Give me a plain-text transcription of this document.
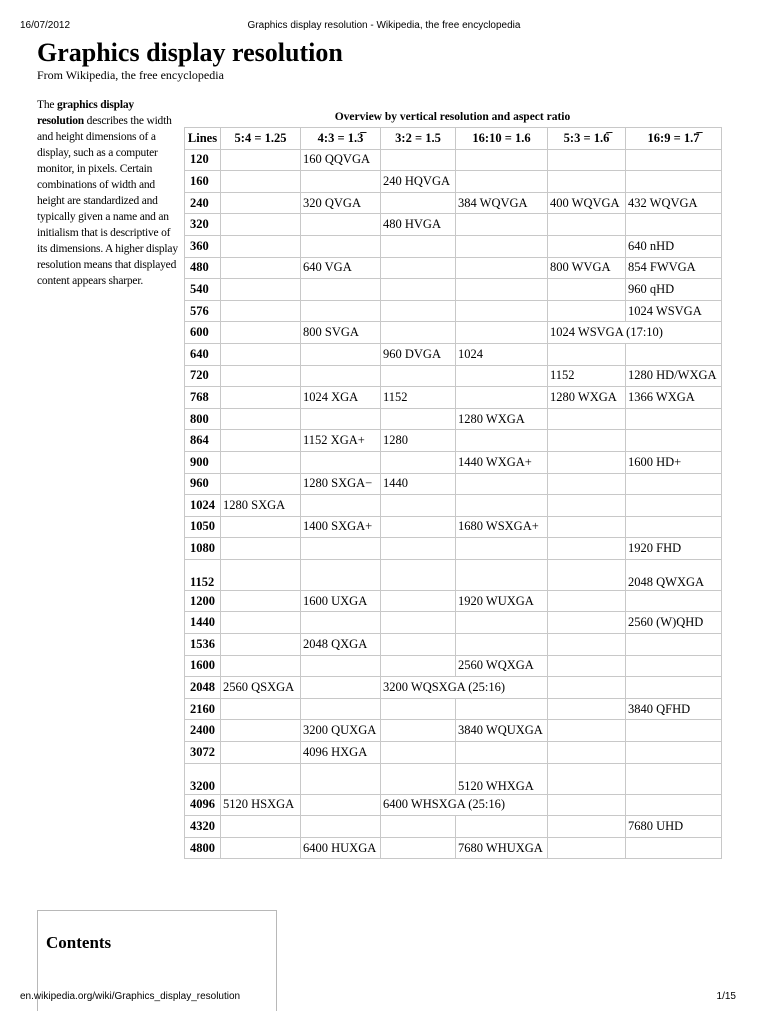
16/07/2012	Graphics display resolution - Wikipedia, the free encyclopedia
Graphics display resolution
From Wikipedia, the free encyclopedia
The graphics display resolution describes the width and height dimensions of a display, such as a computer monitor, in pixels. Certain combinations of width and height are standardized and typically given a name and an initialism that is descriptive of its dimensions. A higher display resolution means that displayed content appears sharper.
Overview by vertical resolution and aspect ratio
Lines	5:4 = 1.25	4:3 = 1.3̅	3:2 = 1.5	16:10 = 1.6	5:3 = 1.6̅	16:9 = 1.7̅
120		160 QQVGA				
160			240 HQVGA			
240		320 QVGA		384 WQVGA	400 WQVGA	432 WQVGA
320			480 HVGA			
360						640 nHD
480		640 VGA			800 WVGA	854 FWVGA
540						960 qHD
576						1024 WSVGA
600		800 SVGA			1024 WSVGA (17:10)	
640			960 DVGA	1024		
720					1152	1280 HD/WXGA
768		1024 XGA	1152		1280 WXGA	1366 WXGA
800				1280 WXGA		
864		1152 XGA+	1280			
900				1440 WXGA+		1600 HD+
960		1280 SXGA−	1440			
1024	1280 SXGA					
1050		1400 SXGA+		1680 WSXGA+		
1080						1920 FHD
1152						2048 QWXGA
1200		1600 UXGA		1920 WUXGA		
1440						2560 (W)QHD
1536		2048 QXGA				
1600				2560 WQXGA		
2048	2560 QSXGA		3200 WQSXGA (25:16)			
2160						3840 QFHD
2400		3200 QUXGA		3840 WQUXGA		
3072		4096 HXGA				
3200				5120 WHXGA		
4096	5120 HSXGA		6400 WHSXGA (25:16)			
4320						7680 UHD
4800		6400 HUXGA		7680 WHUXGA		
Contents
en.wikipedia.org/wiki/Graphics_display_resolution	1/15
